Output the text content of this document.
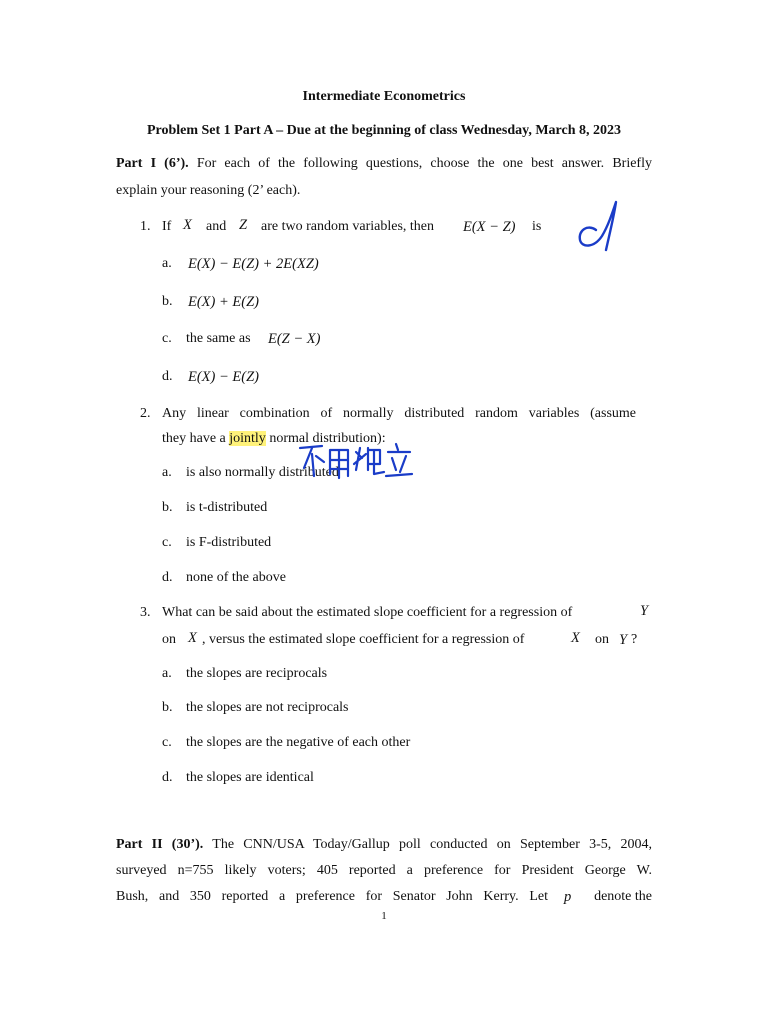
Intermediate Econometrics
Problem Set 1 Part A – Due at the beginning of class Wednesday, March 8, 2023
Part I (6’). For each of the following questions, choose the one best answer. Briefly
explain your reasoning (2’ each).
1. If X and Z are two random variables, then E(X − Z) is
a. E(X) − E(Z) + 2E(XZ)
b. E(X) + E(Z)
c. the same as E(Z − X)
d. E(X) − E(Z)
2. Any linear combination of normally distributed random variables (assume
they have a jointly normal distribution):
a. is also normally distributed
b. is t-distributed
c. is F-distributed
d. none of the above
3. What can be said about the estimated slope coefficient for a regression of	Y
on X , versus the estimated slope coefficient for a regression of	X on Y ?
a. the slopes are reciprocals
b. the slopes are not reciprocals
c. the slopes are the negative of each other
d. the slopes are identical
Part II (30’). The CNN/USA Today/Gallup poll conducted on September 3-5, 2004,
surveyed n=755 likely voters; 405 reported a preference for President George W.
Bush, and 350 reported a preference for Senator John Kerry. Let p	denote the
1
